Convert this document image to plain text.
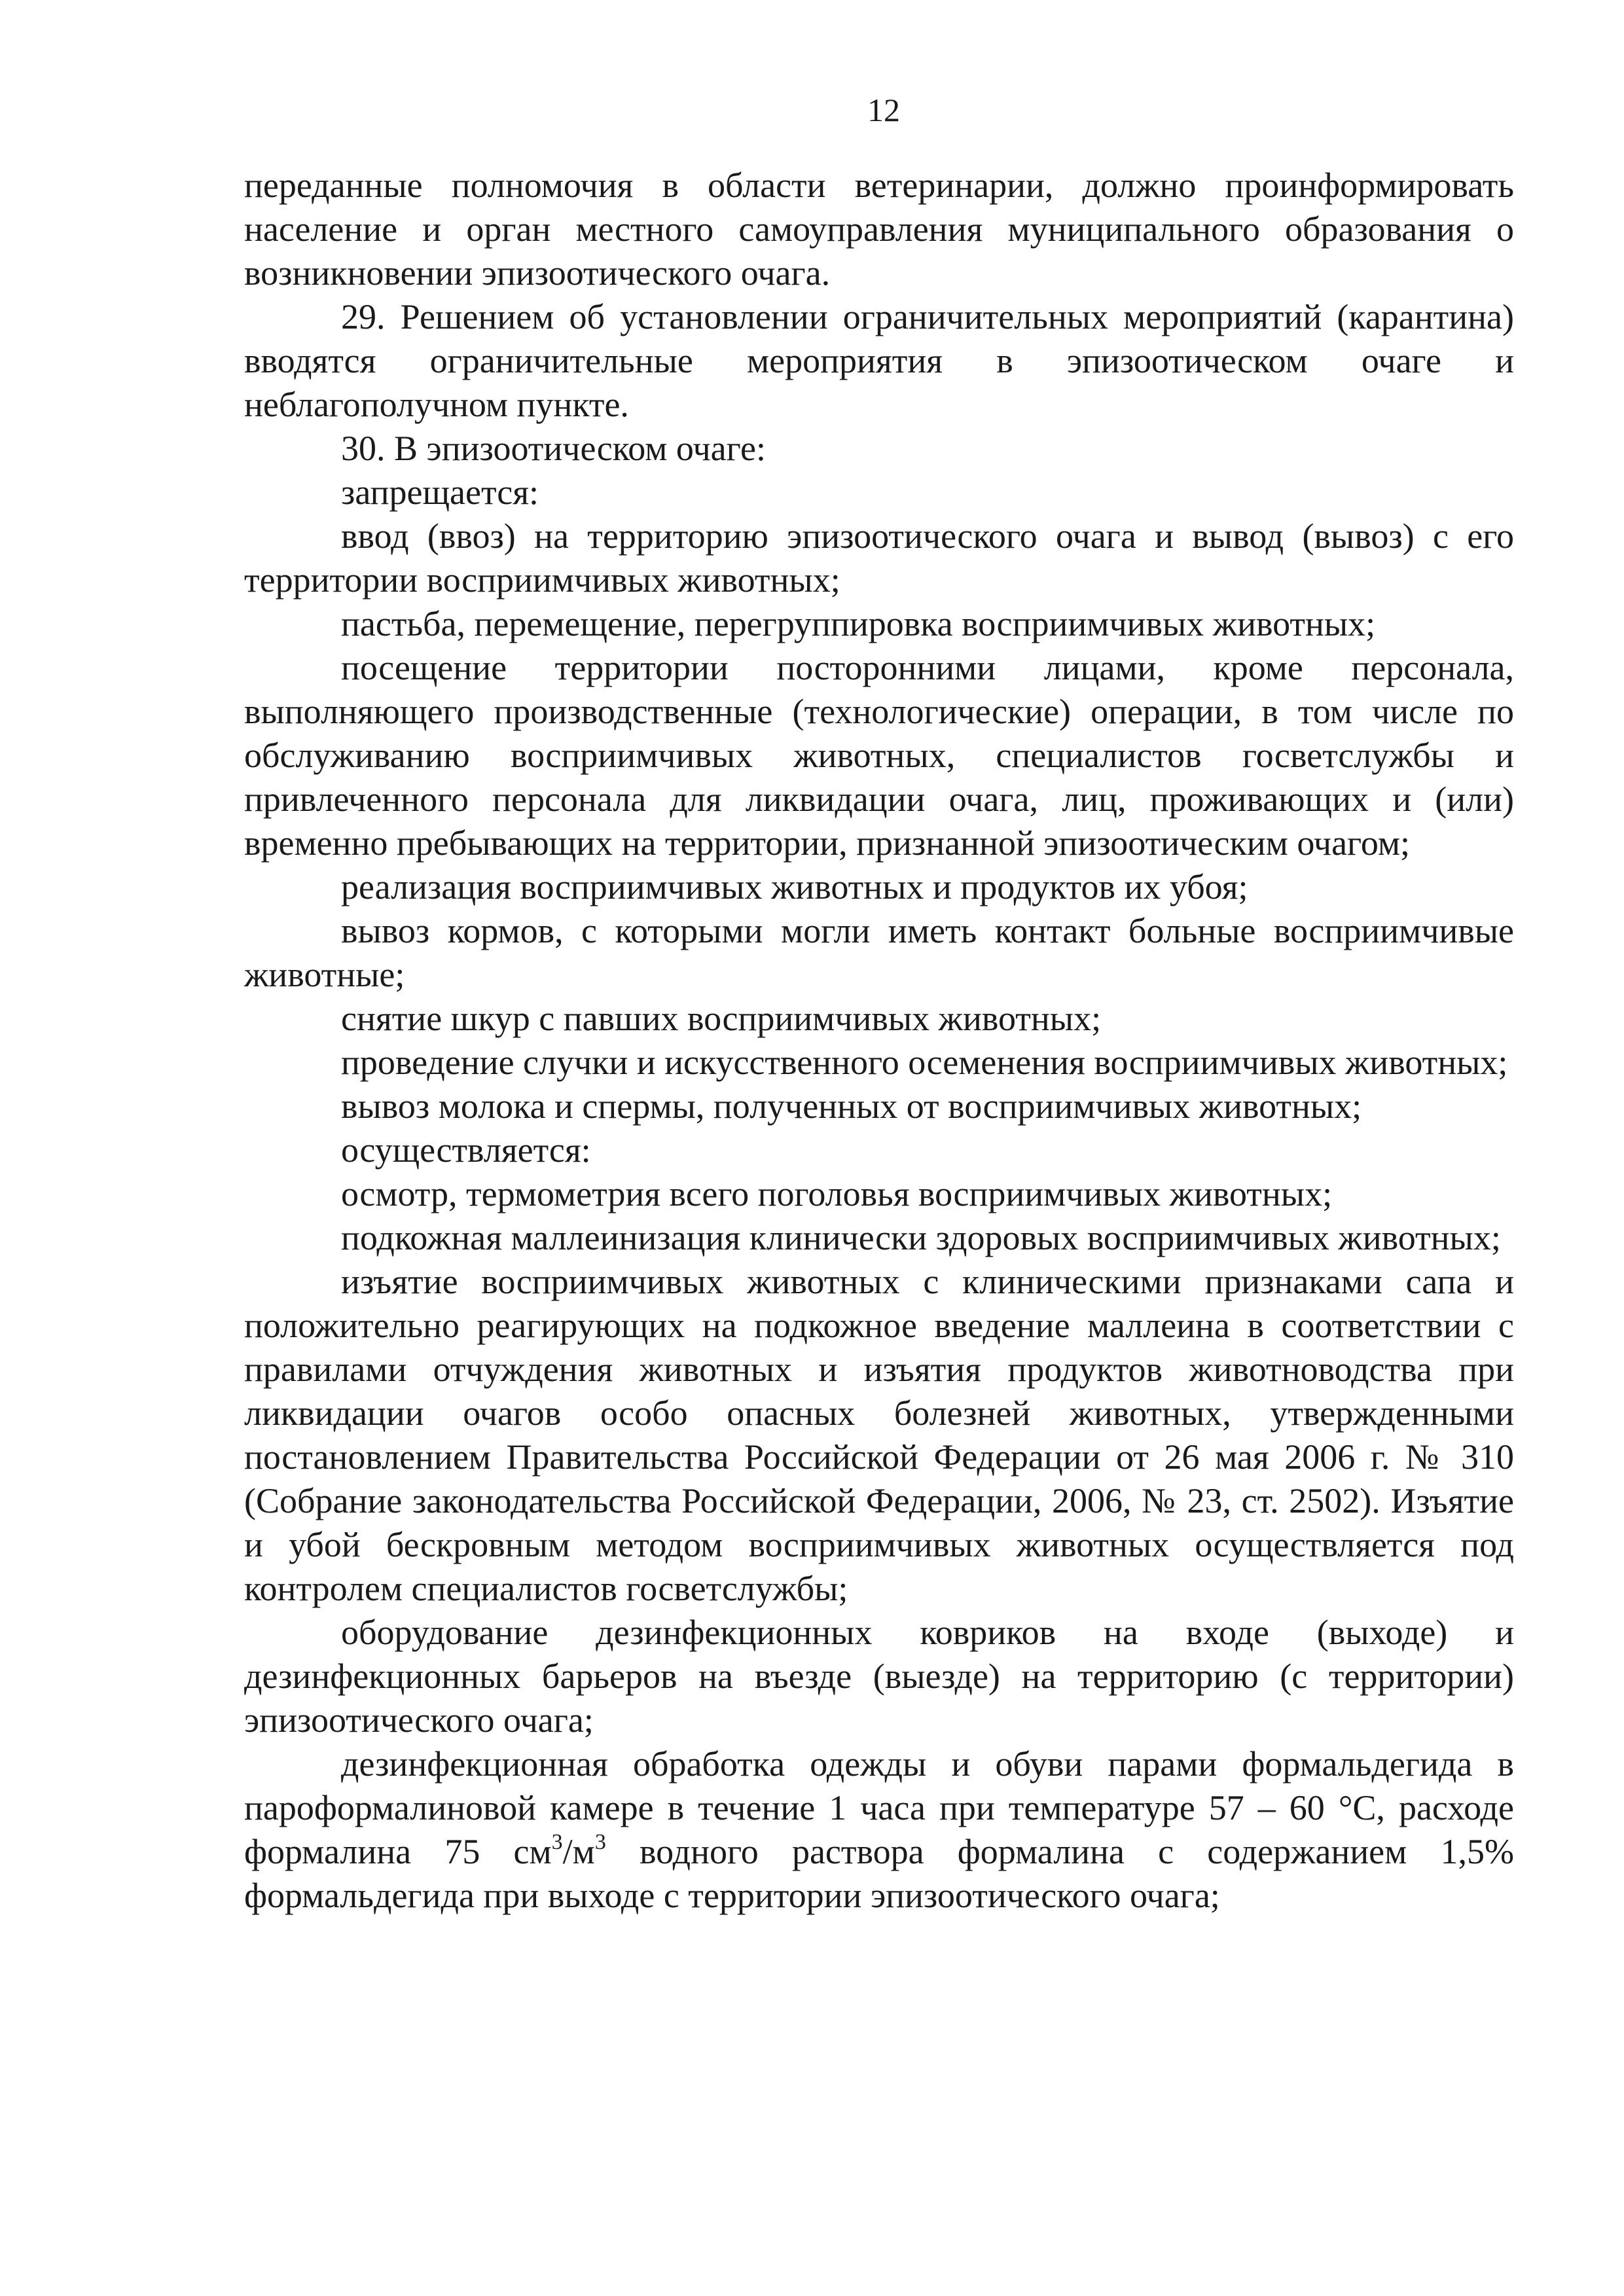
12

переданные полномочия в области ветеринарии, должно проинформировать население и орган местного самоуправления муниципального образования о возникновении эпизоотического очага.

29. Решением об установлении ограничительных мероприятий (карантина) вводятся ограничительные мероприятия в эпизоотическом очаге и неблагополучном пункте.

30. В эпизоотическом очаге:

запрещается:

ввод (ввоз) на территорию эпизоотического очага и вывод (вывоз) с его территории восприимчивых животных;

пастьба, перемещение, перегруппировка восприимчивых животных;

посещение территории посторонними лицами, кроме персонала, выполняющего производственные (технологические) операции, в том числе по обслуживанию восприимчивых животных, специалистов госветслужбы и привлеченного персонала для ликвидации очага, лиц, проживающих и (или) временно пребывающих на территории, признанной эпизоотическим очагом;

реализация восприимчивых животных и продуктов их убоя;

вывоз кормов, с которыми могли иметь контакт больные восприимчивые животные;

снятие шкур с павших восприимчивых животных;

проведение случки и искусственного осеменения восприимчивых животных;

вывоз молока и спермы, полученных от восприимчивых животных;

осуществляется:

осмотр, термометрия всего поголовья восприимчивых животных;

подкожная маллеинизация клинически здоровых восприимчивых животных;

изъятие восприимчивых животных с клиническими признаками сапа и положительно реагирующих на подкожное введение маллеина в соответствии с правилами отчуждения животных и изъятия продуктов животноводства при ликвидации очагов особо опасных болезней животных, утвержденными постановлением Правительства Российской Федерации от 26 мая 2006 г. № 310 (Собрание законодательства Российской Федерации, 2006, № 23, ст. 2502). Изъятие и убой бескровным методом восприимчивых животных осуществляется под контролем специалистов госветслужбы;

оборудование дезинфекционных ковриков на входе (выходе) и дезинфекционных барьеров на въезде (выезде) на территорию (с территории) эпизоотического очага;

дезинфекционная обработка одежды и обуви парами формальдегида в пароформалиновой камере в течение 1 часа при температуре 57 – 60 °С, расходе формалина 75 $см^3/м^3$ водного раствора формалина с содержанием 1,5% формальдегида при выходе с территории эпизоотического очага;
